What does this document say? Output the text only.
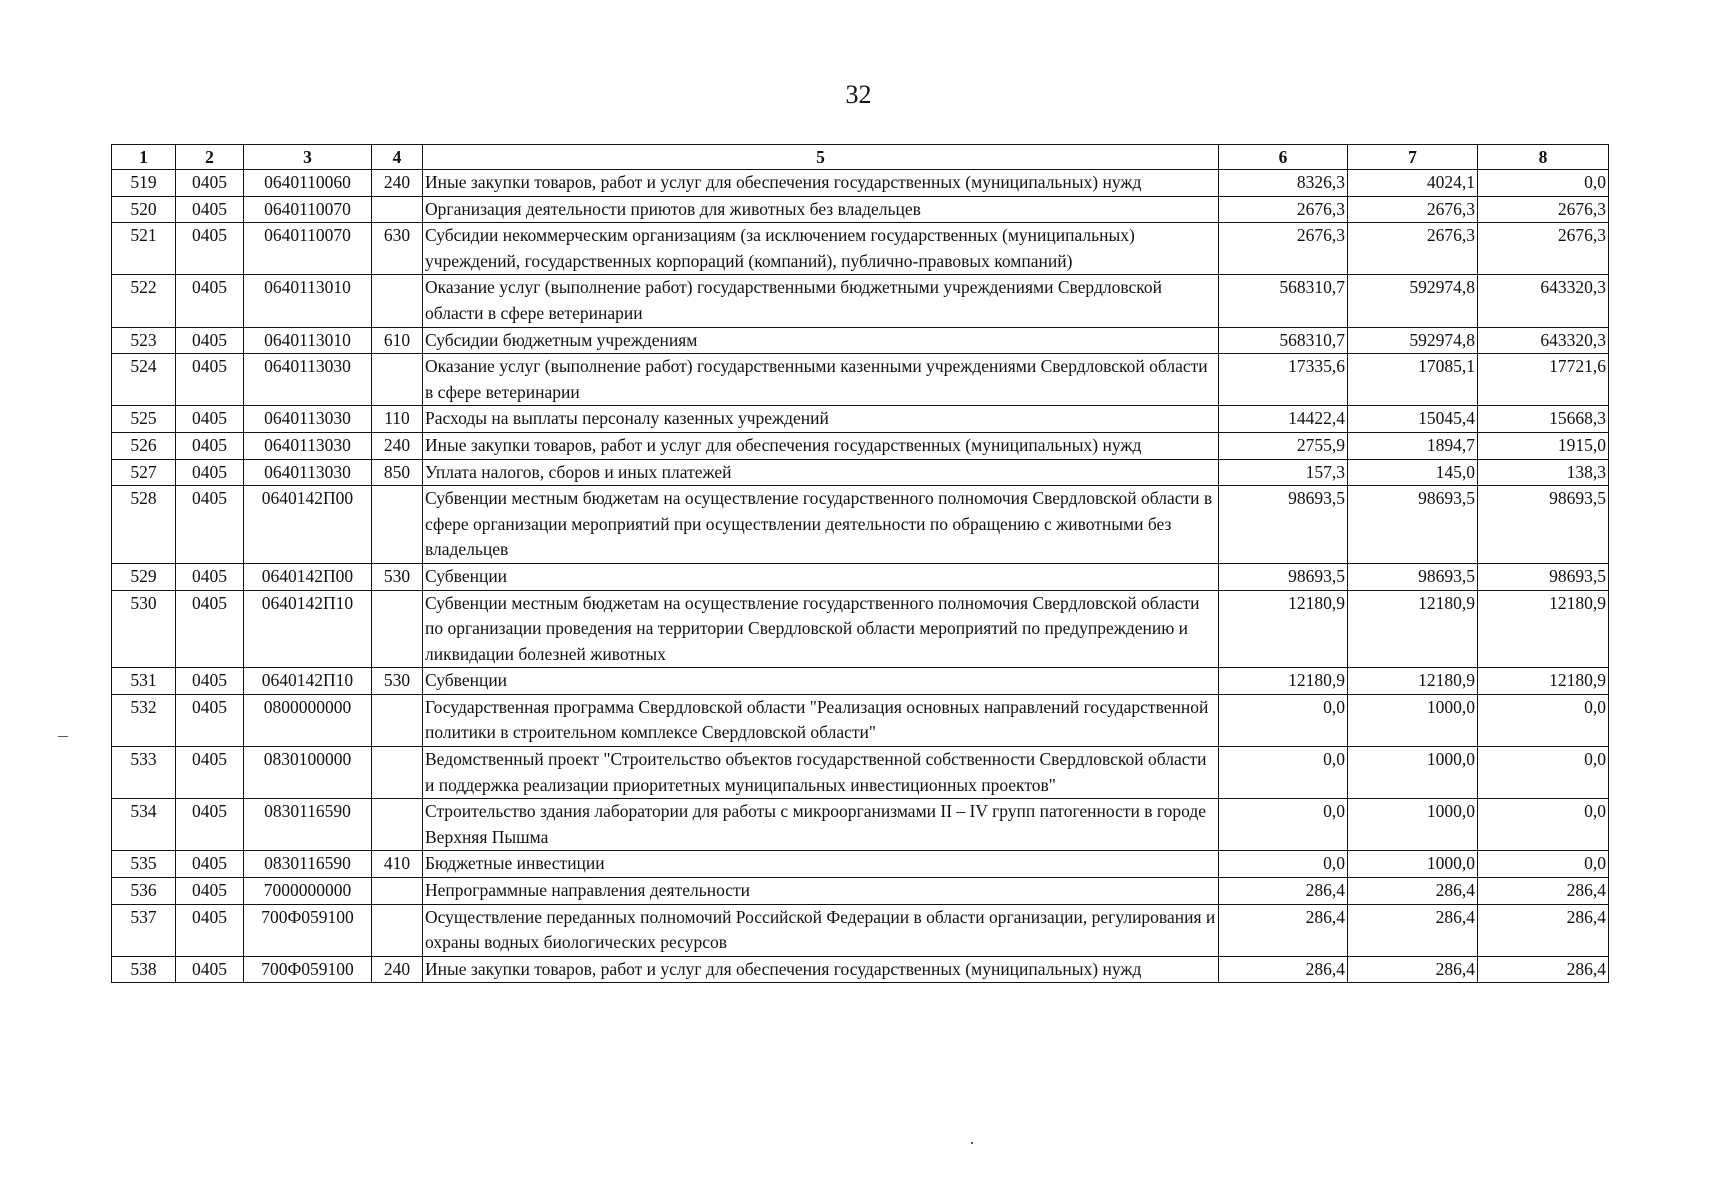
32
1	2	3	4	5	6	7	8
519	0405	0640110060	240	Иные закупки товаров, работ и услуг для обеспечения государственных (муниципальных) нужд	8326,3	4024,1	0,0
520	0405	0640110070		Организация деятельности приютов для животных без владельцев	2676,3	2676,3	2676,3
521	0405	0640110070	630	Субсидии некоммерческим организациям (за исключением государственных (муниципальных) учреждений, государственных корпораций (компаний), публично-правовых компаний)	2676,3	2676,3	2676,3
522	0405	0640113010		Оказание услуг (выполнение работ) государственными бюджетными учреждениями Свердловской области в сфере ветеринарии	568310,7	592974,8	643320,3
523	0405	0640113010	610	Субсидии бюджетным учреждениям	568310,7	592974,8	643320,3
524	0405	0640113030		Оказание услуг (выполнение работ) государственными казенными учреждениями Свердловской области в сфере ветеринарии	17335,6	17085,1	17721,6
525	0405	0640113030	110	Расходы на выплаты персоналу казенных учреждений	14422,4	15045,4	15668,3
526	0405	0640113030	240	Иные закупки товаров, работ и услуг для обеспечения государственных (муниципальных) нужд	2755,9	1894,7	1915,0
527	0405	0640113030	850	Уплата налогов, сборов и иных платежей	157,3	145,0	138,3
528	0405	0640142П00		Субвенции местным бюджетам на осуществление государственного полномочия Свердловской области в сфере организации мероприятий при осуществлении деятельности по обращению с животными без владельцев	98693,5	98693,5	98693,5
529	0405	0640142П00	530	Субвенции	98693,5	98693,5	98693,5
530	0405	0640142П10		Субвенции местным бюджетам на осуществление государственного полномочия Свердловской области по организации проведения на территории Свердловской области мероприятий по предупреждению и ликвидации болезней животных	12180,9	12180,9	12180,9
531	0405	0640142П10	530	Субвенции	12180,9	12180,9	12180,9
532	0405	0800000000		Государственная программа Свердловской области "Реализация основных направлений государственной политики в строительном комплексе Свердловской области"	0,0	1000,0	0,0
533	0405	0830100000		Ведомственный проект "Строительство объектов государственной собственности Свердловской области и поддержка реализации приоритетных муниципальных инвестиционных проектов"	0,0	1000,0	0,0
534	0405	0830116590		Строительство здания лаборатории для работы с микроорганизмами II – IV групп патогенности в городе Верхняя Пышма	0,0	1000,0	0,0
535	0405	0830116590	410	Бюджетные инвестиции	0,0	1000,0	0,0
536	0405	7000000000		Непрограммные направления деятельности	286,4	286,4	286,4
537	0405	700Ф059100		Осуществление переданных полномочий Российской Федерации в области организации, регулирования и охраны водных биологических ресурсов	286,4	286,4	286,4
538	0405	700Ф059100	240	Иные закупки товаров, работ и услуг для обеспечения государственных (муниципальных) нужд	286,4	286,4	286,4
